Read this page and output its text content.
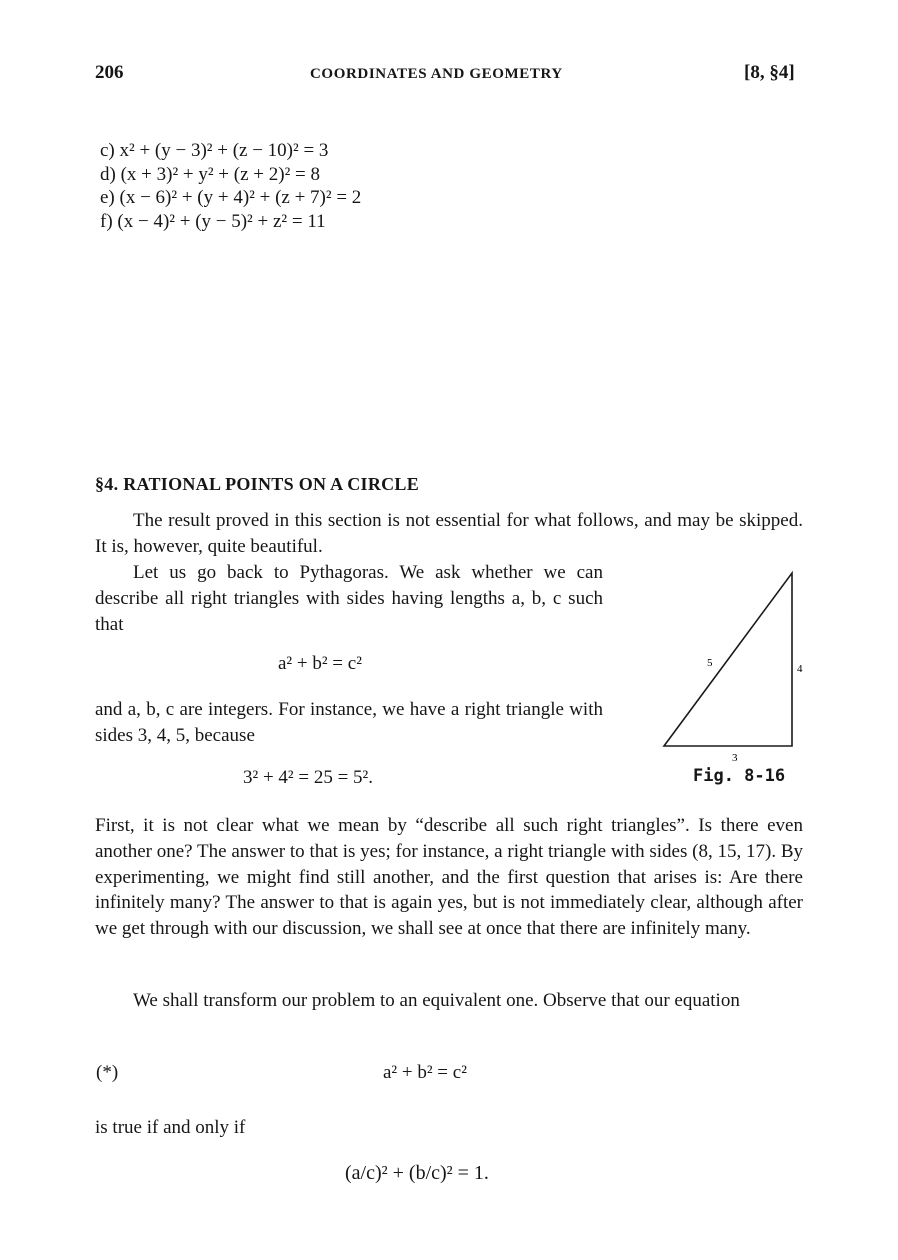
206	COORDINATES AND GEOMETRY	[8, §4]
c) x² + (y − 3)² + (z − 10)² = 3
d) (x + 3)² + y² + (z + 2)² = 8
e) (x − 6)² + (y + 4)² + (z + 7)² = 2
f) (x − 4)² + (y − 5)² + z² = 11
§4. RATIONAL POINTS ON A CIRCLE

The result proved in this section is not essential for what follows, and may be skipped. It is, however, quite beautiful.

Let us go back to Pythagoras. We ask whether we can describe all right triangles with sides having lengths a, b, c such that

a² + b² = c²

and a, b, c are integers. For instance, we have a right triangle with sides 3, 4, 5, because

3² + 4² = 25 = 5².
5	4
3
Fig. 8-16

First, it is not clear what we mean by “describe all such right triangles”. Is there even another one? The answer to that is yes; for instance, a right triangle with sides (8, 15, 17). By experimenting, we might find still another, and the first question that arises is: Are there infinitely many? The answer to that is again yes, but is not immediately clear, although after we get through with our discussion, we shall see at once that there are infinitely many.

We shall transform our problem to an equivalent one. Observe that our equation

(*)	a² + b² = c²

is true if and only if

(a/c)² + (b/c)² = 1.
